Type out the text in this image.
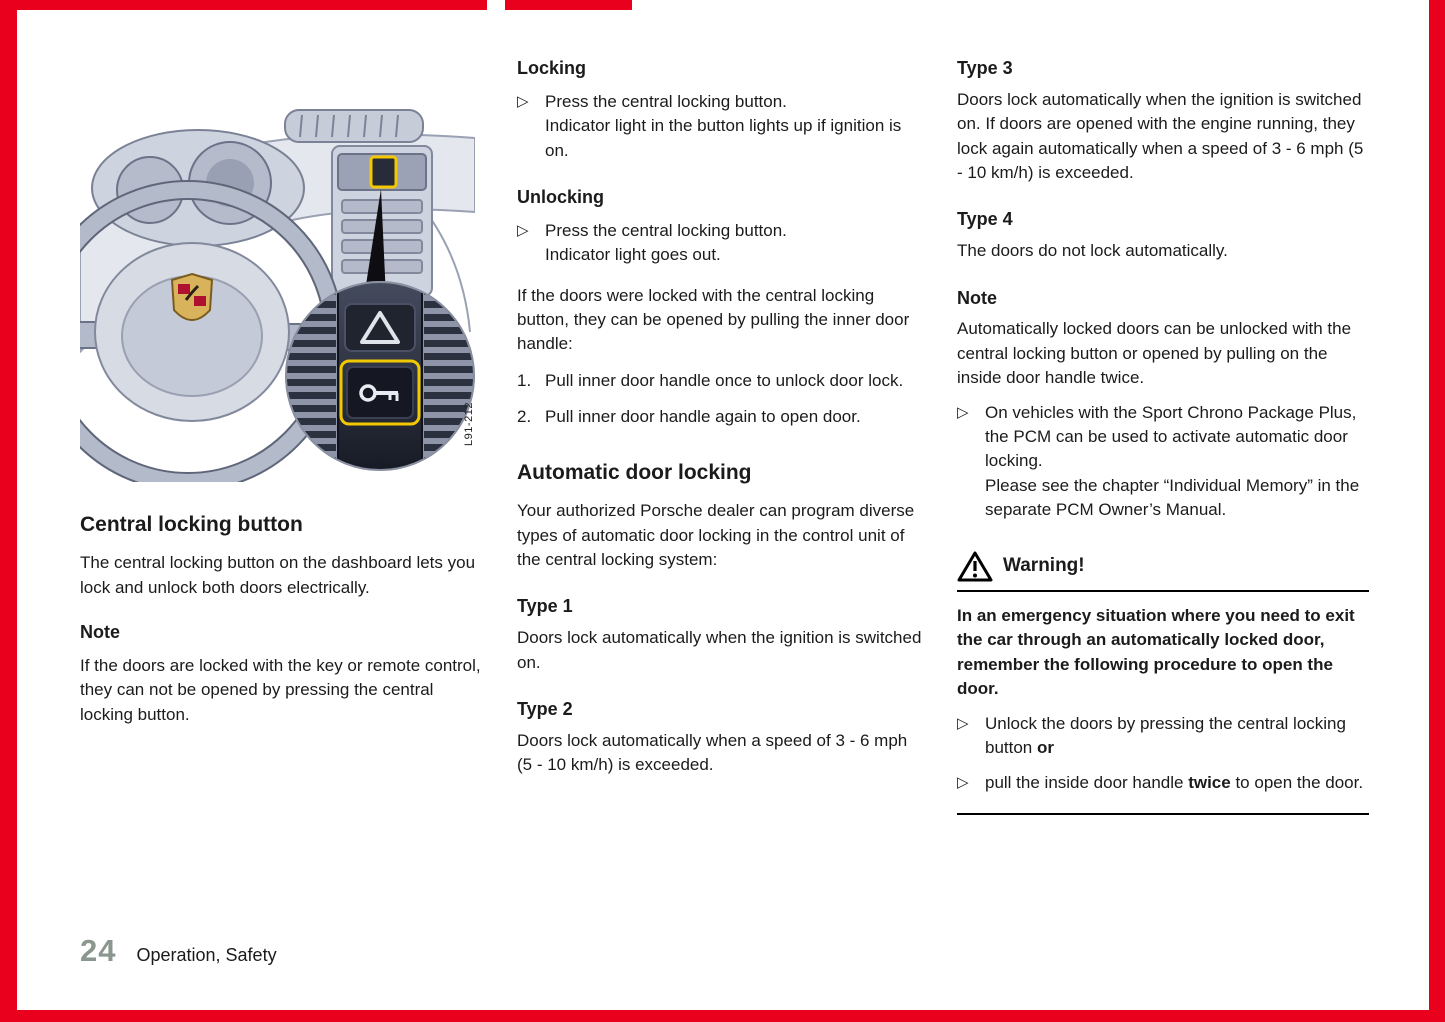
L91-212
Central locking button

The central locking button on the dashboard lets you lock and unlock both doors electrically.

Note

If the doors are locked with the key or remote control, they can not be opened by pressing the central locking button.

Locking
▷ Press the central locking button.
Indicator light in the button lights up if ignition is on.
Unlocking
▷ Press the central locking button.
Indicator light goes out.

If the doors were locked with the central locking button, they can be opened by pulling the inner door handle:

1. Pull inner door handle once to unlock door lock.
2. Pull inner door handle again to open door.
Automatic door locking

Your authorized Porsche dealer can program diverse types of automatic door locking in the control unit of the central locking system:

Type 1

Doors lock automatically when the ignition is switched on.

Type 2

Doors lock automatically when a speed of 3 - 6 mph (5 - 10 km/h) is exceeded.

Type 3

Doors lock automatically when the ignition is switched on. If doors are opened with the engine running, they lock again automatically when a speed of 3 - 6 mph (5 - 10 km/h) is exceeded.

Type 4

The doors do not lock automatically.

Note

Automatically locked doors can be unlocked with the central locking button or opened by pulling on the inside door handle twice.

▷ On vehicles with the Sport Chrono Package Plus, the PCM can be used to activate automatic door locking.
Please see the chapter “Individual Memory” in the separate PCM Owner’s Manual.
Warning!

In an emergency situation where you need to exit the car through an automatically locked door, remember the following procedure to open the door.

▷ Unlock the doors by pressing the central locking button or
▷ pull the inside door handle twice to open the door.
24 Operation, Safety
